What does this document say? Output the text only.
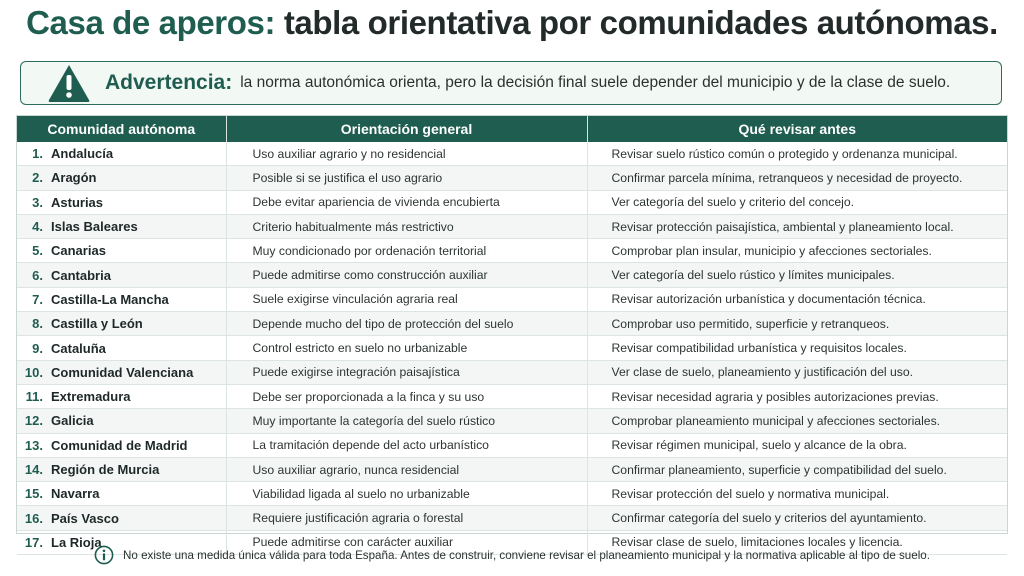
Casa de aperos: tabla orientativa por comunidades autónomas.
Advertencia: la norma autonómica orienta, pero la decisión final suele depender del municipio y de la clase de suelo.
Comunidad autónoma	Orientación general	Qué revisar antes
1. Andalucía	Uso auxiliar agrario y no residencial	Revisar suelo rústico común o protegido y ordenanza municipal.
2. Aragón	Posible si se justifica el uso agrario	Confirmar parcela mínima, retranqueos y necesidad de proyecto.
3. Asturias	Debe evitar apariencia de vivienda encubierta	Ver categoría del suelo y criterio del concejo.
4. Islas Baleares	Criterio habitualmente más restrictivo	Revisar protección paisajística, ambiental y planeamiento local.
5. Canarias	Muy condicionado por ordenación territorial	Comprobar plan insular, municipio y afecciones sectoriales.
6. Cantabria	Puede admitirse como construcción auxiliar	Ver categoría del suelo rústico y límites municipales.
7. Castilla-La Mancha	Suele exigirse vinculación agraria real	Revisar autorización urbanística y documentación técnica.
8. Castilla y León	Depende mucho del tipo de protección del suelo	Comprobar uso permitido, superficie y retranqueos.
9. Cataluña	Control estricto en suelo no urbanizable	Revisar compatibilidad urbanística y requisitos locales.
10. Comunidad Valenciana	Puede exigirse integración paisajística	Ver clase de suelo, planeamiento y justificación del uso.
11. Extremadura	Debe ser proporcionada a la finca y su uso	Revisar necesidad agraria y posibles autorizaciones previas.
12. Galicia	Muy importante la categoría del suelo rústico	Comprobar planeamiento municipal y afecciones sectoriales.
13. Comunidad de Madrid	La tramitación depende del acto urbanístico	Revisar régimen municipal, suelo y alcance de la obra.
14. Región de Murcia	Uso auxiliar agrario, nunca residencial	Confirmar planeamiento, superficie y compatibilidad del suelo.
15. Navarra	Viabilidad ligada al suelo no urbanizable	Revisar protección del suelo y normativa municipal.
16. País Vasco	Requiere justificación agraria o forestal	Confirmar categoría del suelo y criterios del ayuntamiento.
17. La Rioja	Puede admitirse con carácter auxiliar	Revisar clase de suelo, limitaciones locales y licencia.
No existe una medida única válida para toda España. Antes de construir, conviene revisar el planeamiento municipal y la normativa aplicable al tipo de suelo.
